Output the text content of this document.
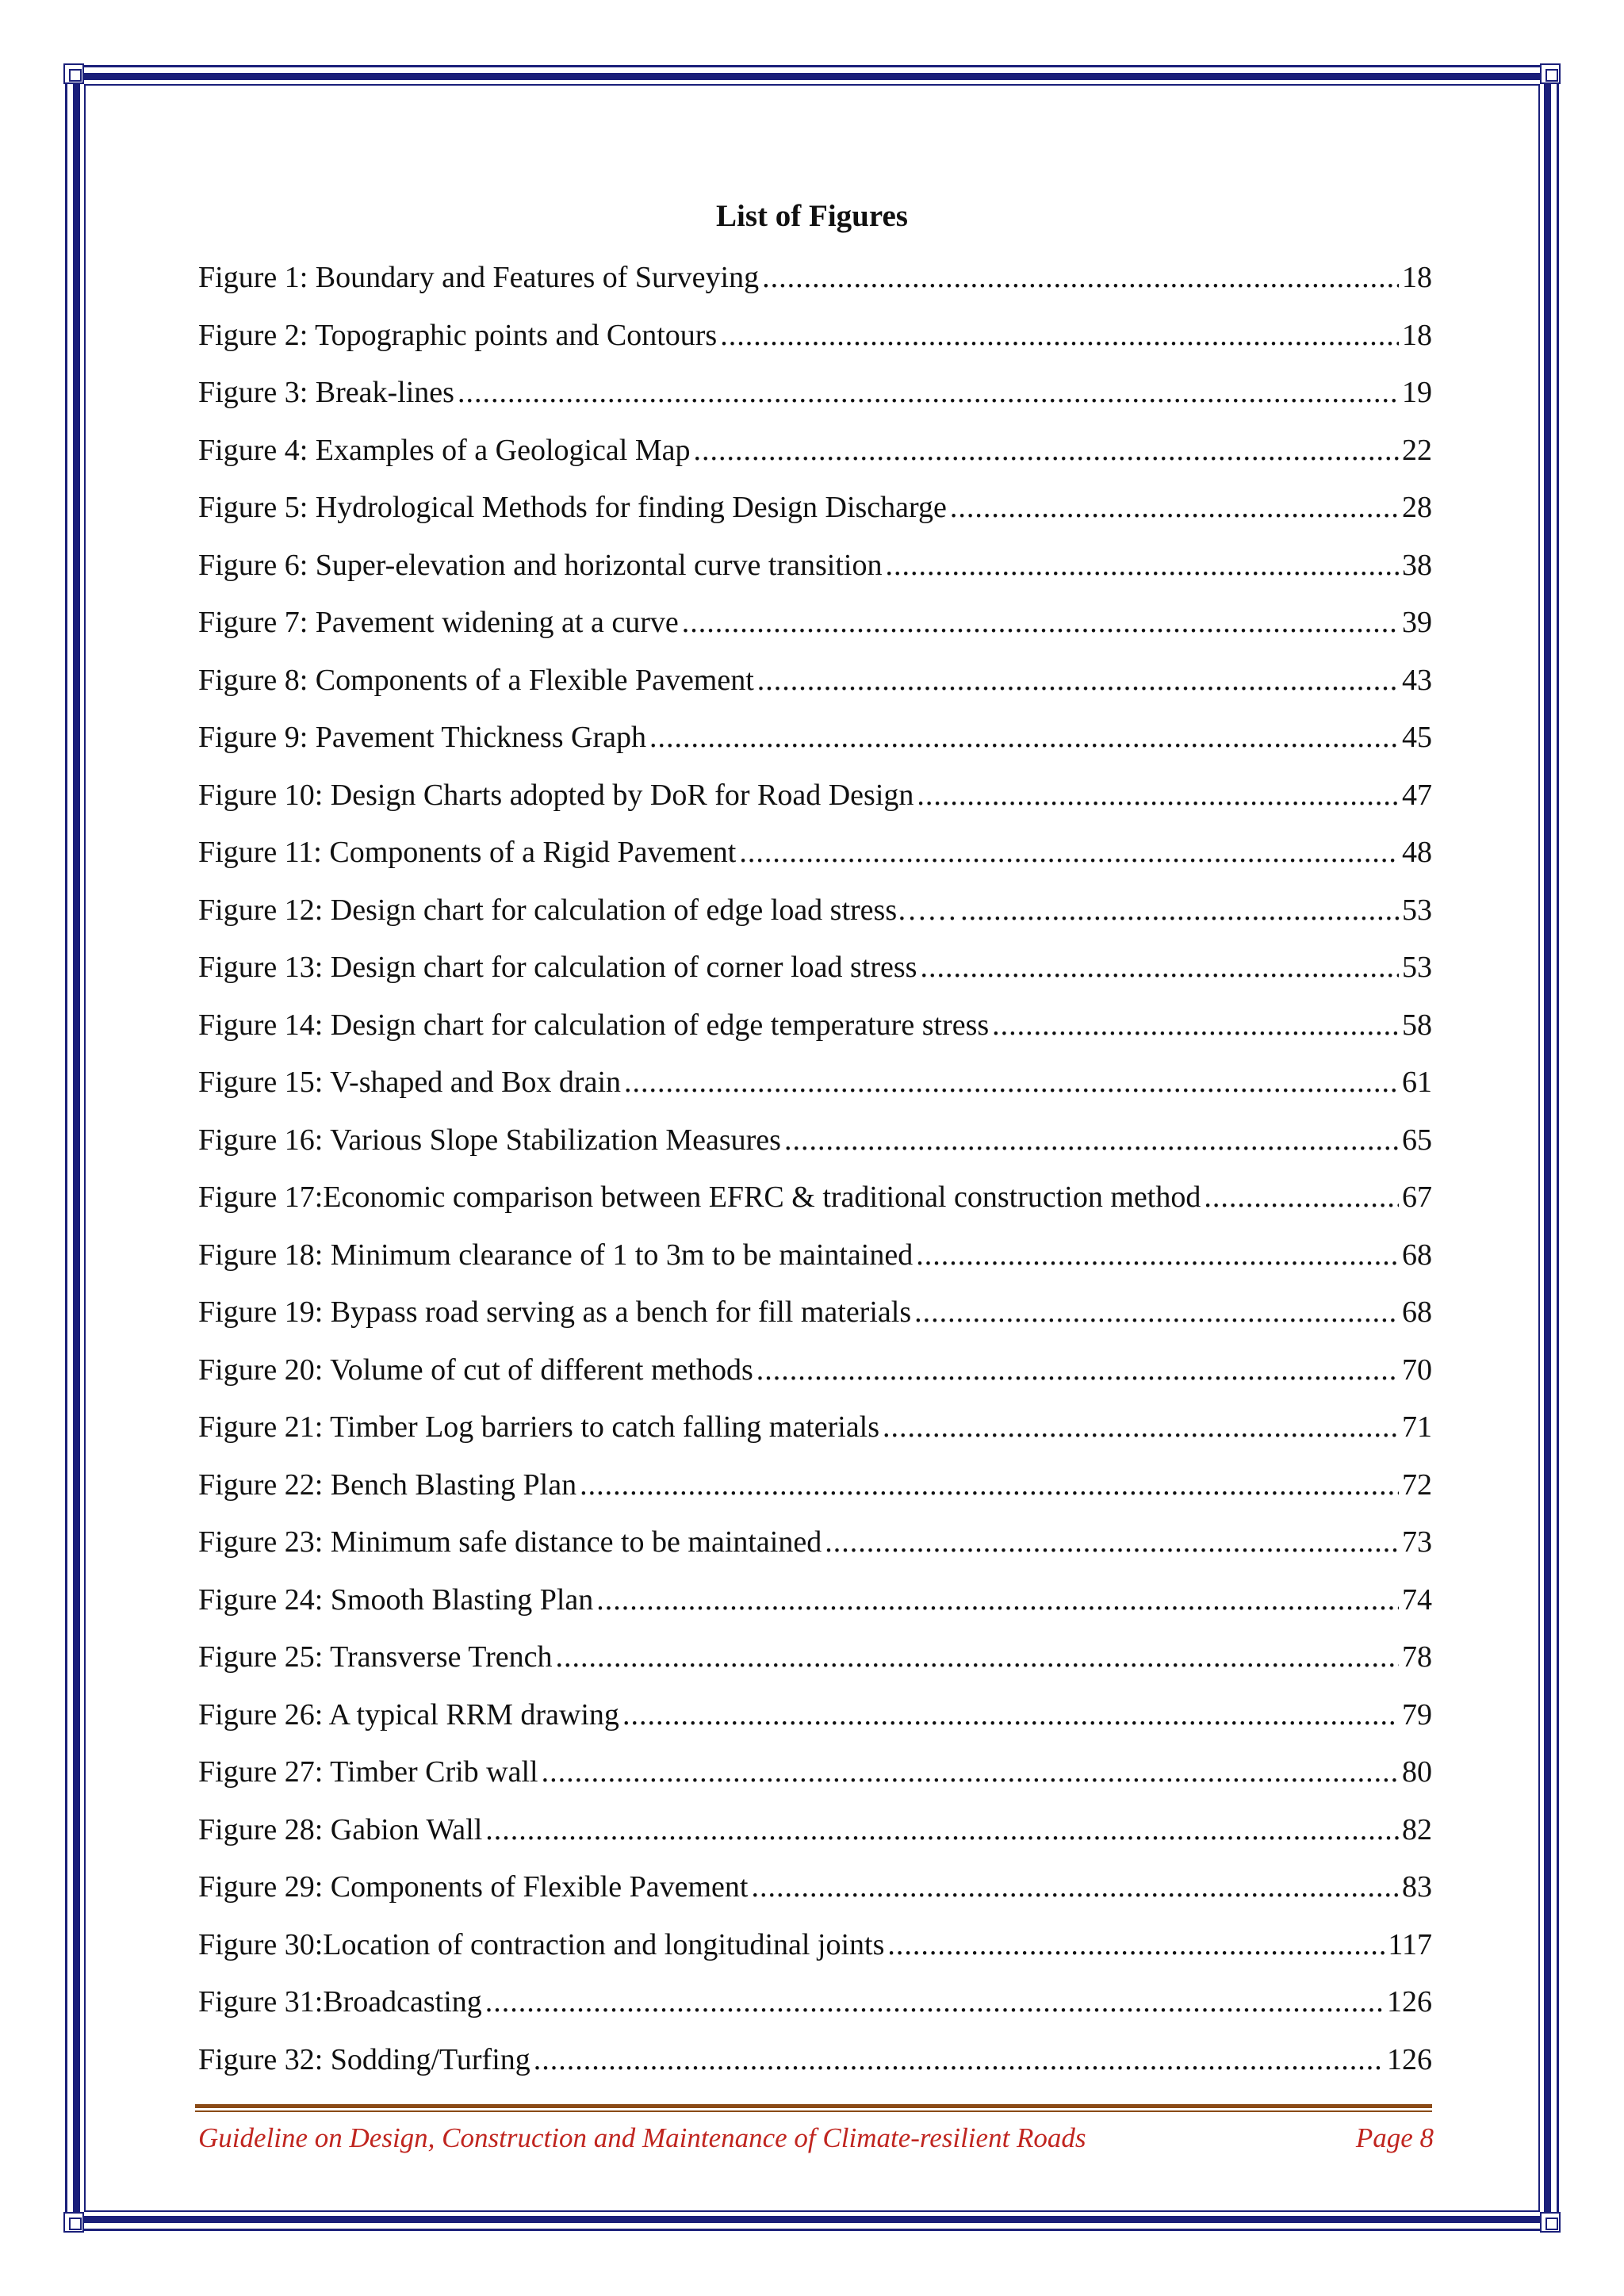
List of Figures
Figure 1: Boundary and Features of Surveying .....	18
Figure 2: Topographic points and Contours .....	18
Figure 3: Break-lines .....	19
Figure 4: Examples of a Geological Map .....	22
Figure 5: Hydrological Methods for finding Design Discharge .....	28
Figure 6: Super-elevation and horizontal curve transition .....	38
Figure 7: Pavement widening at a curve .....	39
Figure 8: Components of a Flexible Pavement .....	43
Figure 9: Pavement Thickness Graph .....	45
Figure 10: Design Charts adopted by DoR for Road Design .....	47
Figure 11: Components of a Rigid Pavement .....	48
Figure 12: Design chart for calculation of edge load stress…… .....	53
Figure 13: Design chart for calculation of corner load stress .....	53
Figure 14: Design chart for calculation of edge temperature stress .....	58
Figure 15: V-shaped and Box drain .....	61
Figure 16: Various Slope Stabilization Measures .....	65
Figure 17:Economic comparison between EFRC & traditional construction method .....	67
Figure 18: Minimum clearance of 1 to 3m to be maintained .....	68
Figure 19: Bypass road serving as a bench for fill materials .....	68
Figure 20: Volume of cut of different methods .....	70
Figure 21: Timber Log barriers to catch falling materials .....	71
Figure 22: Bench Blasting Plan .....	72
Figure 23: Minimum safe distance to be maintained .....	73
Figure 24: Smooth Blasting Plan .....	74
Figure 25: Transverse Trench .....	78
Figure 26: A typical RRM drawing .....	79
Figure 27: Timber Crib wall .....	80
Figure 28: Gabion Wall .....	82
Figure 29: Components of Flexible Pavement .....	83
Figure 30:Location of contraction and longitudinal joints .....	117
Figure 31:Broadcasting .....	126
Figure 32: Sodding/Turfing .....	126
Guideline on Design, Construction and Maintenance of Climate-resilient Roads	Page 8
